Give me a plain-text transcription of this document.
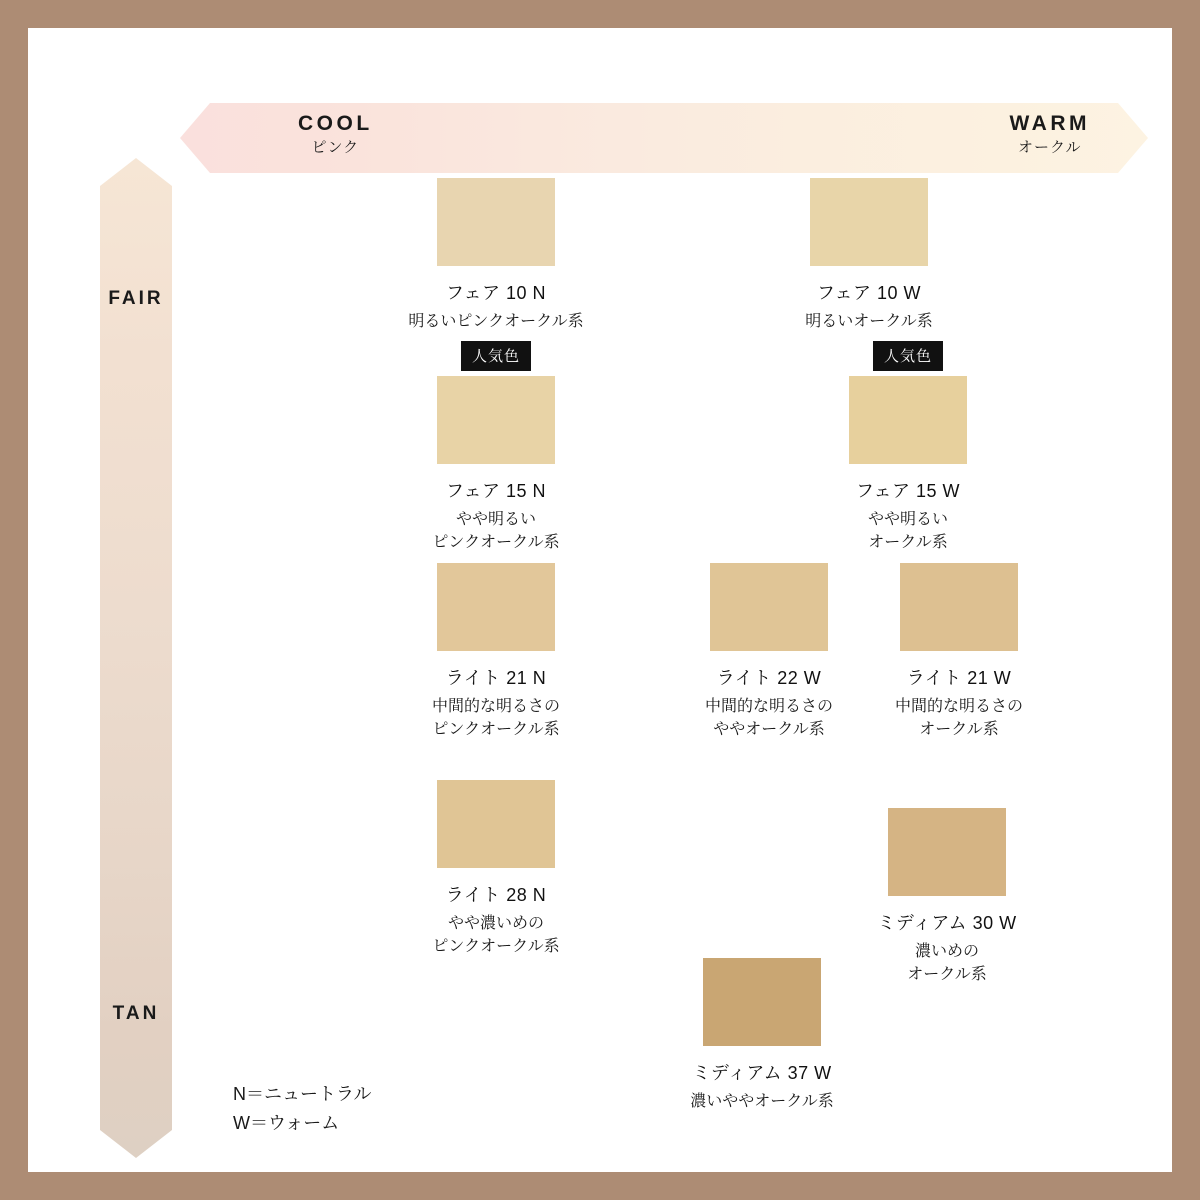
COOL
ピンク
WARM
オークル
FAIR
TAN
フェア 10 N
明るいピンクオークル系
フェア 10 W
明るいオークル系
人気色
フェア 15 N
やや明るい
ピンクオークル系
人気色
フェア 15 W
やや明るい
オークル系
ライト 21 N
中間的な明るさの
ピンクオークル系
ライト 22 W
中間的な明るさの
ややオークル系
ライト 21 W
中間的な明るさの
オークル系
ライト 28 N
やや濃いめの
ピンクオークル系
ミディアム 30 W
濃いめの
オークル系
ミディアム 37 W
濃いややオークル系
N＝ニュートラル
W＝ウォーム
